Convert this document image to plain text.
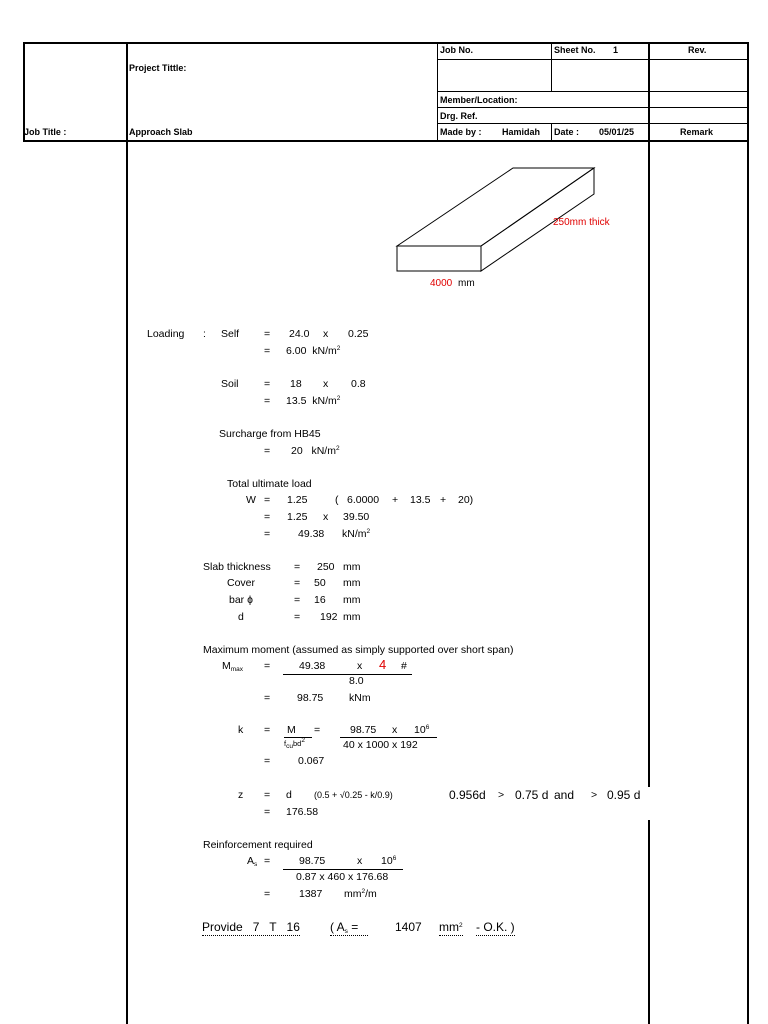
Job No.	Sheet No. 1	Rev.
Project Tittle:
Member/Location:
Drg. Ref.
Job Title :	Approach Slab	Made by : Hamidah Date : 05/01/25	Remark
250mm thick
4000 mm
Loading : Self = 24.0 x 0.25
= 6.00 $kN/m^2$
Soil = 18 x 0.8
= 13.5 $kN/m^2$
Surcharge from HB45
= 20 $kN/m^2$
Total ultimate load
W = 1.25	( 6.0000 + 13.5 + 20)
= 1.25 x 39.50
=	49.38 $kN/m^2$
Slab thickness = 250 mm
Cover	= 50 mm
bar ɸ	= 16 mm
d	= 192 mm
Maximum moment (assumed as simply supported over short span)
$M_{max}$ =	49.38	x 4 #
8.0
=	98.75 kNm
k = M
$f_{cu}bd^2$
=	98.75 x $10^6$
40 x 1000 x 192
=	0.067
z = d (0.5 + √0.25 - k/0.9)	0.956d > 0.75 d and > 0.95 d
= 176.58
Reinforcement required
$A_s$ =	98.75	x $10^6$
0.87 x 460 x 176.68
=	1387 $mm^2/m$
Provide 7 T 16	( $A_s$ =	1407 $mm^2 - O.K$. )
